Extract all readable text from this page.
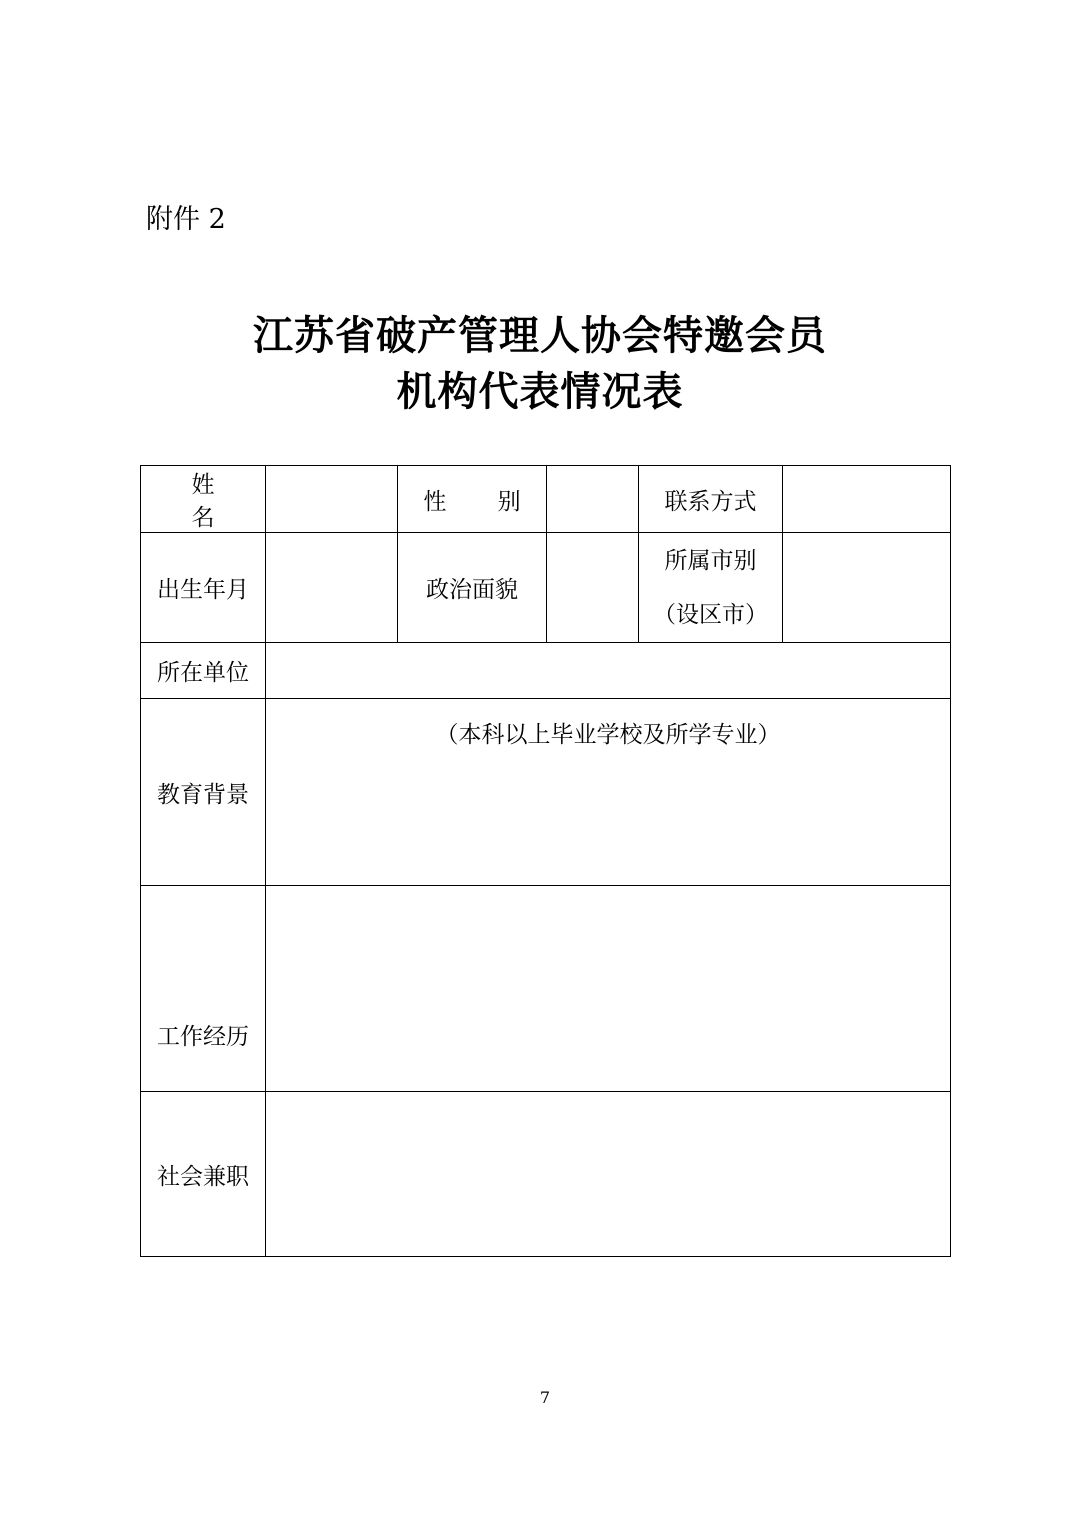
附件 2
江苏省破产管理人协会特邀会员
机构代表情况表
姓 名		性 别		联系方式	
出生年月		政治面貌		所属市别
（设区市）	

所在单位					
教育背景	（本科以上毕业学校及所学专业）				

工作经历					
社会兼职					
7
